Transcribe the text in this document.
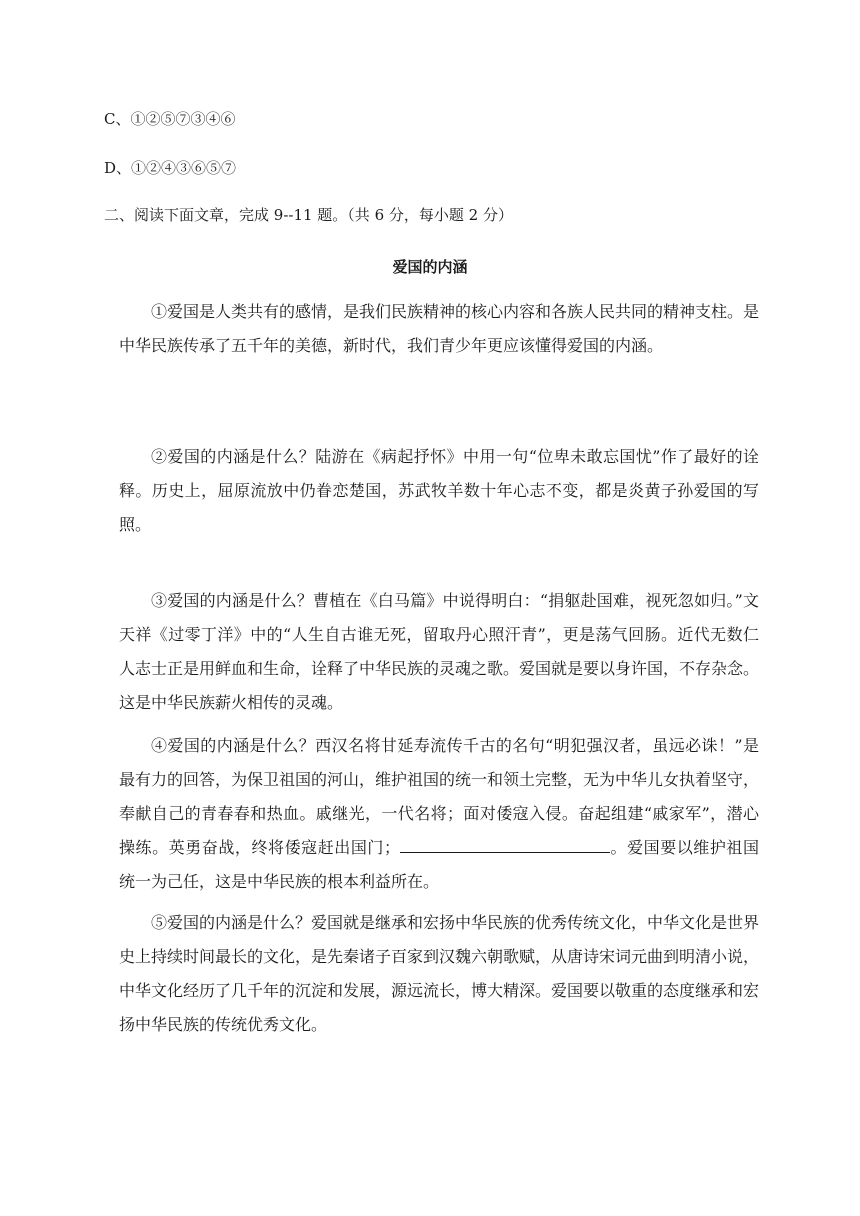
C、①②⑤⑦③④⑥
D、①②④③⑥⑤⑦
二、阅读下面文章，完成 9--11 题。（共 6 分，每小题 2 分）
爱国的内涵

①爱国是人类共有的感情，是我们民族精神的核心内容和各族人民共同的精神支柱。是中华民族传承了五千年的美德，新时代，我们青少年更应该懂得爱国的内涵。

②爱国的内涵是什么？陆游在《病起抒怀》中用一句“位卑未敢忘国忧”作了最好的诠释。历史上，屈原流放中仍眷恋楚国，苏武牧羊数十年心志不变，都是炎黄子孙爱国的写照。

③爱国的内涵是什么？曹植在《白马篇》中说得明白：“捐躯赴国难，视死忽如归。”文天祥《过零丁洋》中的“人生自古谁无死，留取丹心照汗青”，更是荡气回肠。近代无数仁人志士正是用鲜血和生命，诠释了中华民族的灵魂之歌。爱国就是要以身许国，不存杂念。这是中华民族薪火相传的灵魂。

④爱国的内涵是什么？西汉名将甘延寿流传千古的名句“明犯强汉者，虽远必诛！”是最有力的回答，为保卫祖国的河山，维护祖国的统一和领土完整，无为中华儿女执着坚守，奉献自己的青春春和热血。戚继光，一代名将；面对倭寇入侵。奋起组建“戚家军”，潜心操练。英勇奋战，终将倭寇赶出国门；	。爱国要以维护祖国统一为己任，这是中华民族的根本利益所在。

⑤爱国的内涵是什么？爱国就是继承和宏扬中华民族的优秀传统文化，中华文化是世界史上持续时间最长的文化，是先秦诸子百家到汉魏六朝歌赋，从唐诗宋词元曲到明清小说，中华文化经历了几千年的沉淀和发展，源远流长，博大精深。爱国要以敬重的态度继承和宏扬中华民族的传统优秀文化。
